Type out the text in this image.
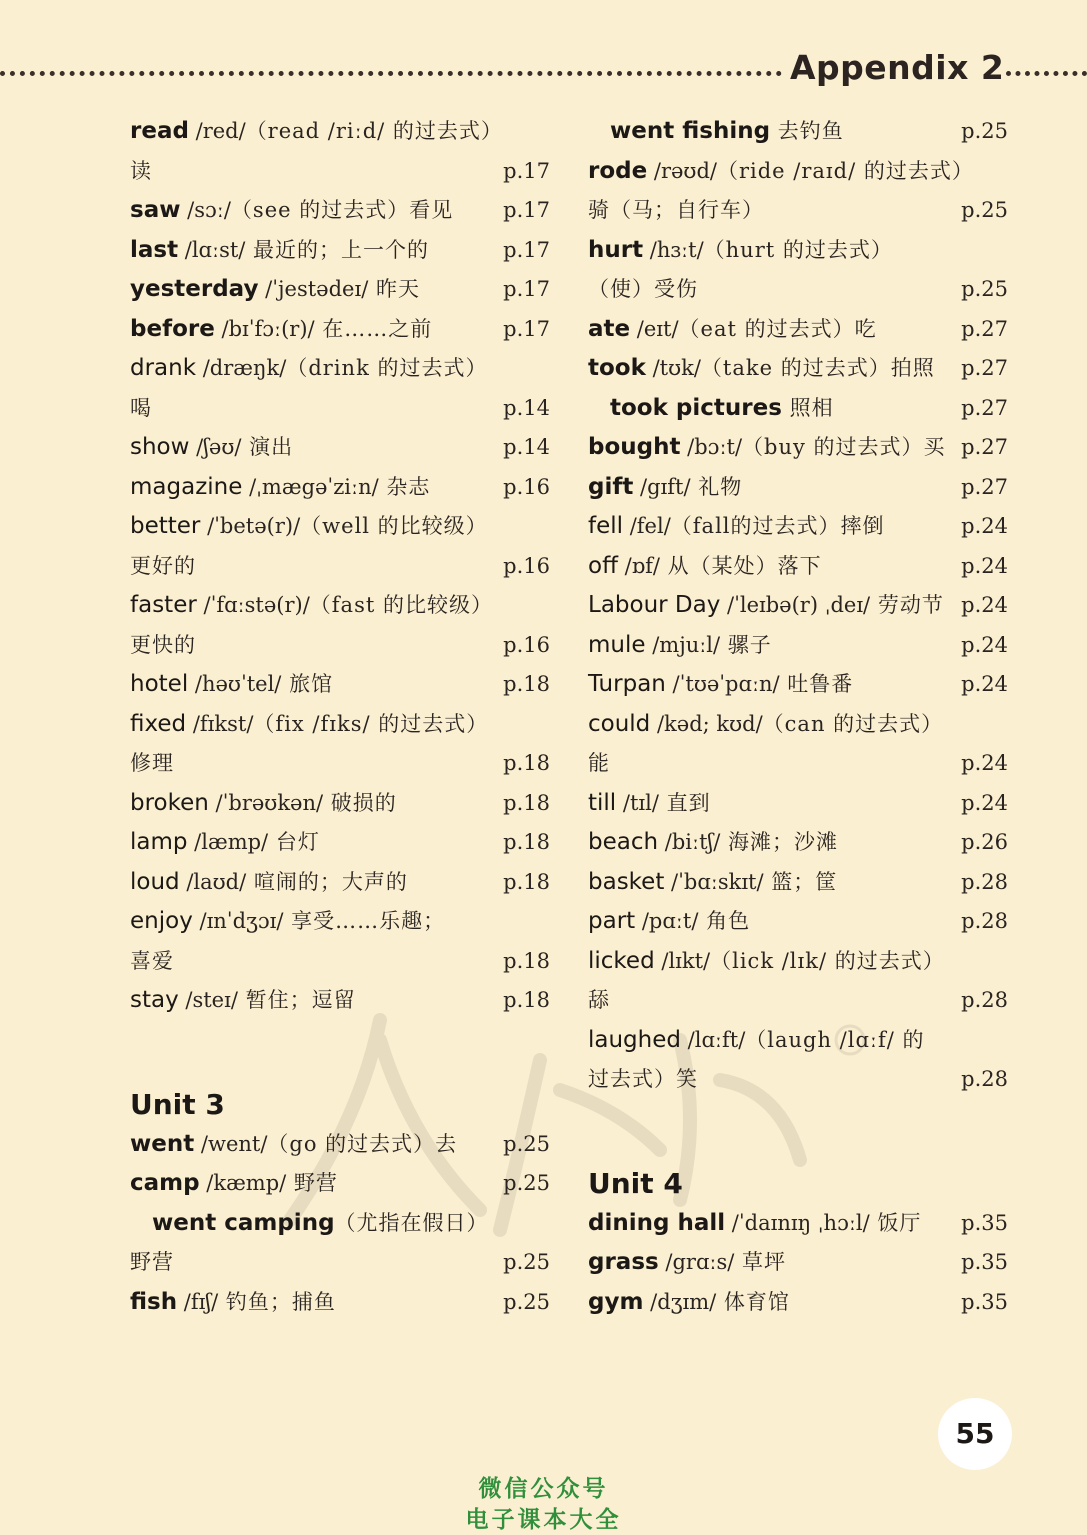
Appendix 2
read /red/（read /riːd/ 的过去式）
读	p.17
saw /sɔː/（see 的过去式）看见 p.17
last /lɑːst/ 最近的；上一个的	p.17
yesterday /ˈjestədeɪ/ 昨天	p.17
before /bɪˈfɔː(r)/ 在……之前	p.17
drank /dræŋk/（drink 的过去式）
喝	p.14
show /ʃəʊ/ 演出	p.14
magazine /ˌmægəˈziːn/ 杂志	p.16
better /ˈbetə(r)/（well 的比较级）
更好的	p.16
faster /ˈfɑːstə(r)/（fast 的比较级）
更快的	p.16
hotel /həʊˈtel/ 旅馆	p.18
fixed /fɪkst/（fix /fɪks/ 的过去式）
修理	p.18
broken /ˈbrəʊkən/ 破损的	p.18
lamp /læmp/ 台灯	p.18
loud /laʊd/ 喧闹的；大声的	p.18
enjoy /ɪnˈdʒɔɪ/ 享受……乐趣；
喜爱	p.18
stay /steɪ/ 暂住；逗留	p.18
Unit 3
went /went/（go 的过去式）去 p.25
camp /kæmp/ 野营	p.25
went camping（尤指在假日）
野营	p.25
fish /fɪʃ/ 钓鱼；捕鱼	p.25
went fishing 去钓鱼	p.25
rode /rəʊd/（ride /raɪd/ 的过去式）
骑（马；自行车）	p.25
hurt /hɜːt/（hurt 的过去式）
（使）受伤	p.25
ate /eɪt/（eat 的过去式）吃	p.27
took /tʊk/（take 的过去式）拍照 p.27
took pictures 照相	p.27
bought /bɔːt/（buy 的过去式）买 p.27
gift /gɪft/ 礼物	p.27
fell /fel/（fall的过去式）摔倒	p.24
off /ɒf/ 从（某处）落下	p.24
Labour Day /ˈleɪbə(r) ˌdeɪ/ 劳动节 p.24
mule /mjuːl/ 骡子	p.24
Turpan /ˈtʊəˈpɑːn/ 吐鲁番	p.24
could /kəd; kʊd/（can 的过去式）
能	p.24
till /tɪl/ 直到	p.24
beach /biːtʃ/ 海滩；沙滩	p.26
basket /ˈbɑːskɪt/ 篮；筐	p.28
part /pɑːt/ 角色	p.28
licked /lɪkt/（lick /lɪk/ 的过去式）
舔	p.28
laughed /lɑːft/（laugh /lɑːf/ 的
过去式）笑	p.28
Unit 4
dining hall /ˈdaɪnɪŋ ˌhɔːl/ 饭厅 p.35
grass /grɑːs/ 草坪	p.35
gym /dʒɪm/ 体育馆	p.35
55
微信公众号
电子课本大全
